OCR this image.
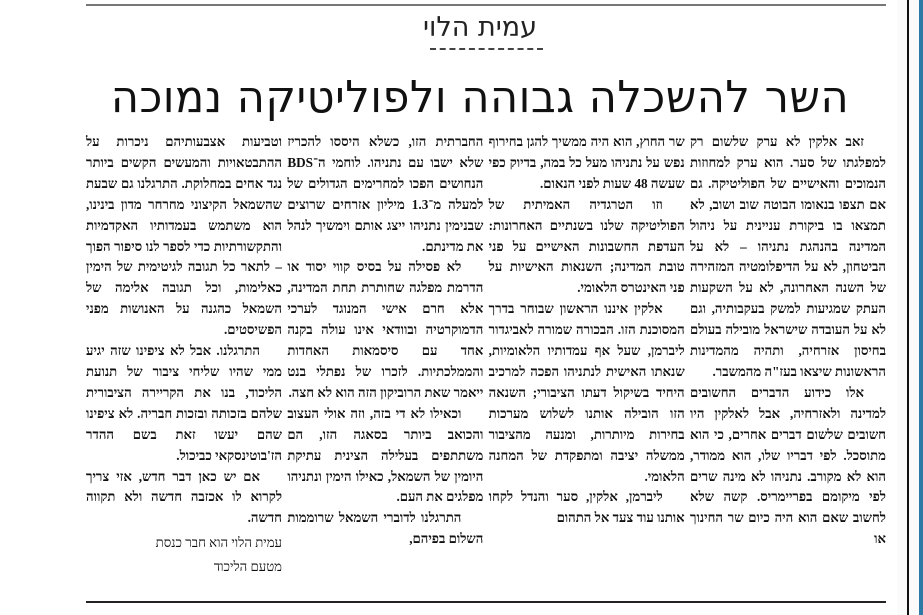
עמית הלוי
השר להשכלה גבוהה ולפוליטיקה נמוכה

זאב אלקין לא ערק שלשום רק למפלגתו של סער. הוא ערק למחוזות הנמוכים והאישיים של הפוליטיקה. גם אם תצפו בנאומו הבוטה שוב ושוב, לא תמצאו בו ביקורת עניינית על ניהול המדינה בהנהגת נתניהו – לא על הביטחון, לא על הדיפלומטיה המזהירה של השנה האחרונה, לא על השקעות העתק שמגיעות למשק בעקבותיה, וגם לא על העובדה שישראל מובילה בעולם בחיסון אזרחיה, ותהיה מהמדינות הראשונות שיצאו בעז"ה מהמשבר.

אלו כידוע הדברים החשובים למדינה ולאזרחיה, אבל לאלקין היו חשובים שלשום דברים אחרים, כי הוא מתוסכל. לפי דבריו שלו, הוא ממודר, הוא לא מקורב. נתניהו לא מינה שרים לפי מיקומם בפריימריס. קשה שלא לחשוב שאם הוא היה כיום שר החינוך או

שר החוץ, הוא היה ממשיך להגן בחירוף נפש על נתניהו מעל כל במה, בדיוק כפי שעשה 48 שעות לפני הנאום.

וזו הטרגדיה האמיתית של הפוליטיקה שלנו בשנתיים האחרונות: העדפת החשבונות האישיים על פני טובת המדינה; השנאות האישיות על פני האינטרס הלאומי.

אלקין איננו הראשון שבוחר בדרך המסוכנת הזו. הבכורה שמורה לאביגדור ליברמן, שעל אף עמדותיו הלאומיות, שנאתו האישית לנתניהו הפכה למרכיב היחיד בשיקול דעתו הציבורי; השנאה הזו הובילה אותנו לשלוש מערכות בחירות מיותרות, ומנעה מהציבור ממשלה יציבה ומתפקדת של המחנה הלאומי.

ליברמן, אלקין, סער והנדל לקחו אותנו עוד צעד אל התהום

החברתית הזו, כשלא היססו להכריז שלא ישבו עם נתניהו. לוחמי ה־BDS הנחושים הפכו למחרימים הגדולים של למעלה מ־1.3 מיליון אזרחים שרוצים שבנימין נתניהו ייצג אותם וימשיך לנהל את מדינתם.

לא פסילה על בסיס קווי יסוד או הדרמת מפלגה שחותרת תחת המדינה, אלא חרם אישי המנוגד לערכי הדמוקרטיה ובוודאי אינו עולה בקנה אחד עם סיסמאות האחדות והממלכתיות. לזכרו של נפתלי בנט ייאמר שאת הרוביקון הזה הוא לא חצה.

וכאילו לא די בזה, וזה אולי העצוב והכואב ביותר בסאגה הזו, הם משתתפים בעלילה הצינית עתיקת היומין של השמאל, כאילו הימין ונתניהו מפלגים את העם.

התרגלנו לדוברי השמאל שרוממות השלום בפיהם,

וטביעות אצבעותיהם ניכרות על ההתבטאויות והמעשים הקשים ביותר נגד אחים במחלוקת. התרגלנו גם שבעת שהשמאל הקיצוני מחרחר מדון בינינו, הוא משתמש בעמדותיו האקדמיות והתקשורתיות כדי לספר לנו סיפור הפוך – לתאר כל תגובה לגיטימית של הימין כאלימות, וכל תגובה אלימה של השמאל כהגנה על האנושות מפני הפשיסטים.

התרגלנו. אבל לא ציפינו שזה יגיע ממי שהיו שליחי ציבור של תנועת הליכוד, בנו את הקריירה הציבורית שלהם בזכותה ובזכות חבריה. לא ציפינו שהם יעשו זאת בשם ההדר הז'בוטינסקאי כביכול.

אם יש כאן דבר חדש, אזי צריך לקרוא לו אכזבה חדשה ולא תקווה חדשה.

עמית הלוי הוא חבר כנסת
מטעם הליכוד
